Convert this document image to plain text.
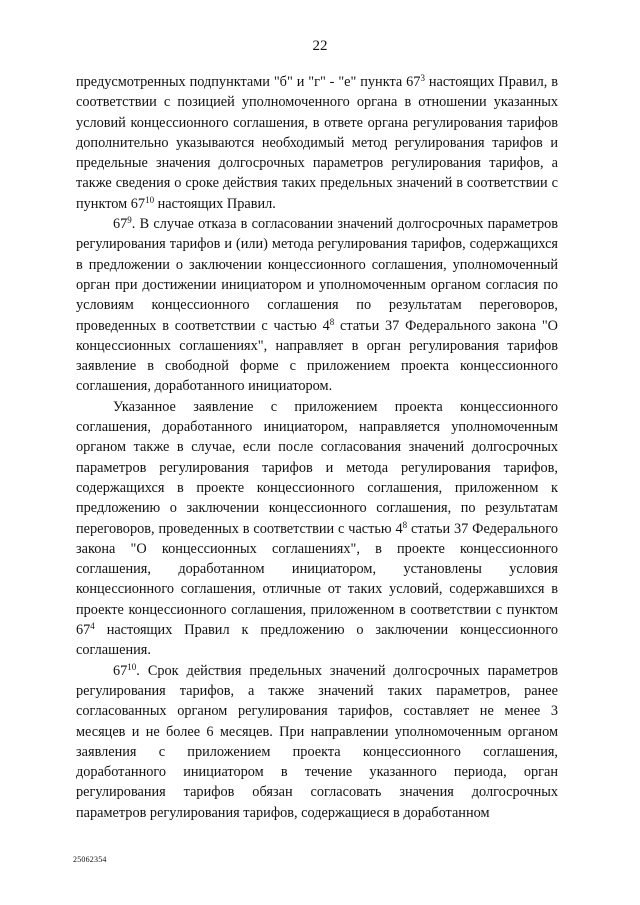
22

предусмотренных подпунктами "б" и "г" - "е" пункта $67^3$ настоящих Правил, в соответствии с позицией уполномоченного органа в отношении указанных условий концессионного соглашения, в ответе органа регулирования тарифов дополнительно указываются необходимый метод регулирования тарифов и предельные значения долгосрочных параметров регулирования тарифов, а также сведения о сроке действия таких предельных значений в соответствии с пунктом $67^{10}$ настоящих Правил.

$67^9$. В случае отказа в согласовании значений долгосрочных параметров регулирования тарифов и (или) метода регулирования тарифов, содержащихся в предложении о заключении концессионного соглашения, уполномоченный орган при достижении инициатором и уполномоченным органом согласия по условиям концессионного соглашения по результатам переговоров, проведенных в соответствии с частью $4^8$ статьи 37 Федерального закона "О концессионных соглашениях", направляет в орган регулирования тарифов заявление в свободной форме с приложением проекта концессионного соглашения, доработанного инициатором.

Указанное заявление с приложением проекта концессионного соглашения, доработанного инициатором, направляется уполномоченным органом также в случае, если после согласования значений долгосрочных параметров регулирования тарифов и метода регулирования тарифов, содержащихся в проекте концессионного соглашения, приложенном к предложению о заключении концессионного соглашения, по результатам переговоров, проведенных в соответствии с частью $4^8$ статьи 37 Федерального закона "О концессионных соглашениях", в проекте концессионного соглашения, доработанном инициатором, установлены условия концессионного соглашения, отличные от таких условий, содержавшихся в проекте концессионного соглашения, приложенном в соответствии с пунктом $67^4$ настоящих Правил к предложению о заключении концессионного соглашения.

$67^{10}$. Срок действия предельных значений долгосрочных параметров регулирования тарифов, а также значений таких параметров, ранее согласованных органом регулирования тарифов, составляет не менее 3 месяцев и не более 6 месяцев. При направлении уполномоченным органом заявления с приложением проекта концессионного соглашения, доработанного инициатором в течение указанного периода, орган регулирования тарифов обязан согласовать значения долгосрочных параметров регулирования тарифов, содержащиеся в доработанном

25062354
